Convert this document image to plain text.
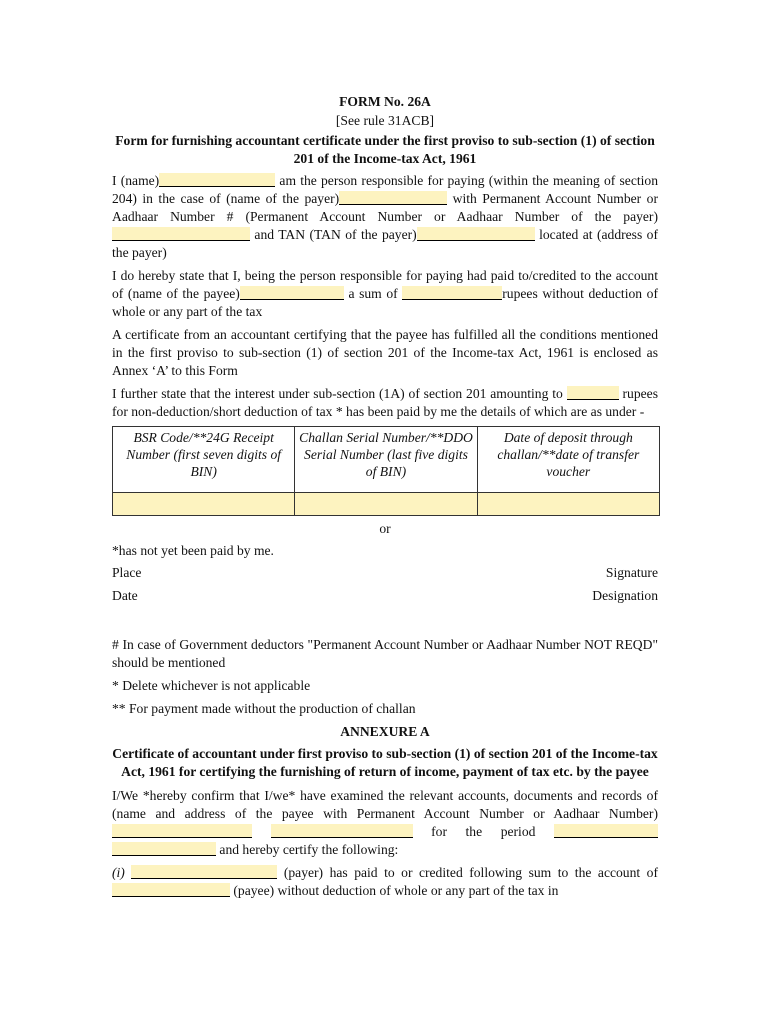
FORM No. 26A
[See rule 31ACB]
Form for furnishing accountant certificate under the first proviso to sub-section (1) of section 201 of the Income-tax Act, 1961

I (name)	am the person responsible for paying (within the meaning of section 204) in the case of (name of the payer)	with Permanent Account Number or Aadhaar Number # (Permanent Account Number or Aadhaar Number of the payer) and TAN (TAN of the payer)	located at (address of the payer)

I do hereby state that I, being the person responsible for paying had paid to/credited to the account of (name of the payee)	a sum of	rupees without deduction of whole or any part of the tax

A certificate from an accountant certifying that the payee has fulfilled all the conditions mentioned in the first proviso to sub-section (1) of section 201 of the Income-tax Act, 1961 is enclosed as Annex ‘A’ to this Form

I further state that the interest under sub-section (1A) of section 201 amounting to	rupees for non-deduction/short deduction of tax * has been paid by me the details of which are as under -

BSR Code/**24G Receipt Number (first seven digits of BIN)	Challan Serial Number/**DDO Serial Number (last five digits of BIN)	Date of deposit through challan/**date of transfer voucher

or
*has not yet been paid by me.
Place	Signature
Date	Designation

# In case of Government deductors "Permanent Account Number or Aadhaar Number NOT REQD" should be mentioned

* Delete whichever is not applicable

** For payment made without the production of challan

ANNEXURE A
Certificate of accountant under first proviso to sub-section (1) of section 201 of the Income-tax Act, 1961 for certifying the furnishing of return of income, payment of tax etc. by the payee

I/We *hereby confirm that I/we* have examined the relevant accounts, documents and records of (name and address of the payee with Permanent Account Number or Aadhaar Number)  for the period   and hereby certify the following:

(i)	(payer) has paid to or credited following sum to the account of  (payee) without deduction of whole or any part of the tax in
